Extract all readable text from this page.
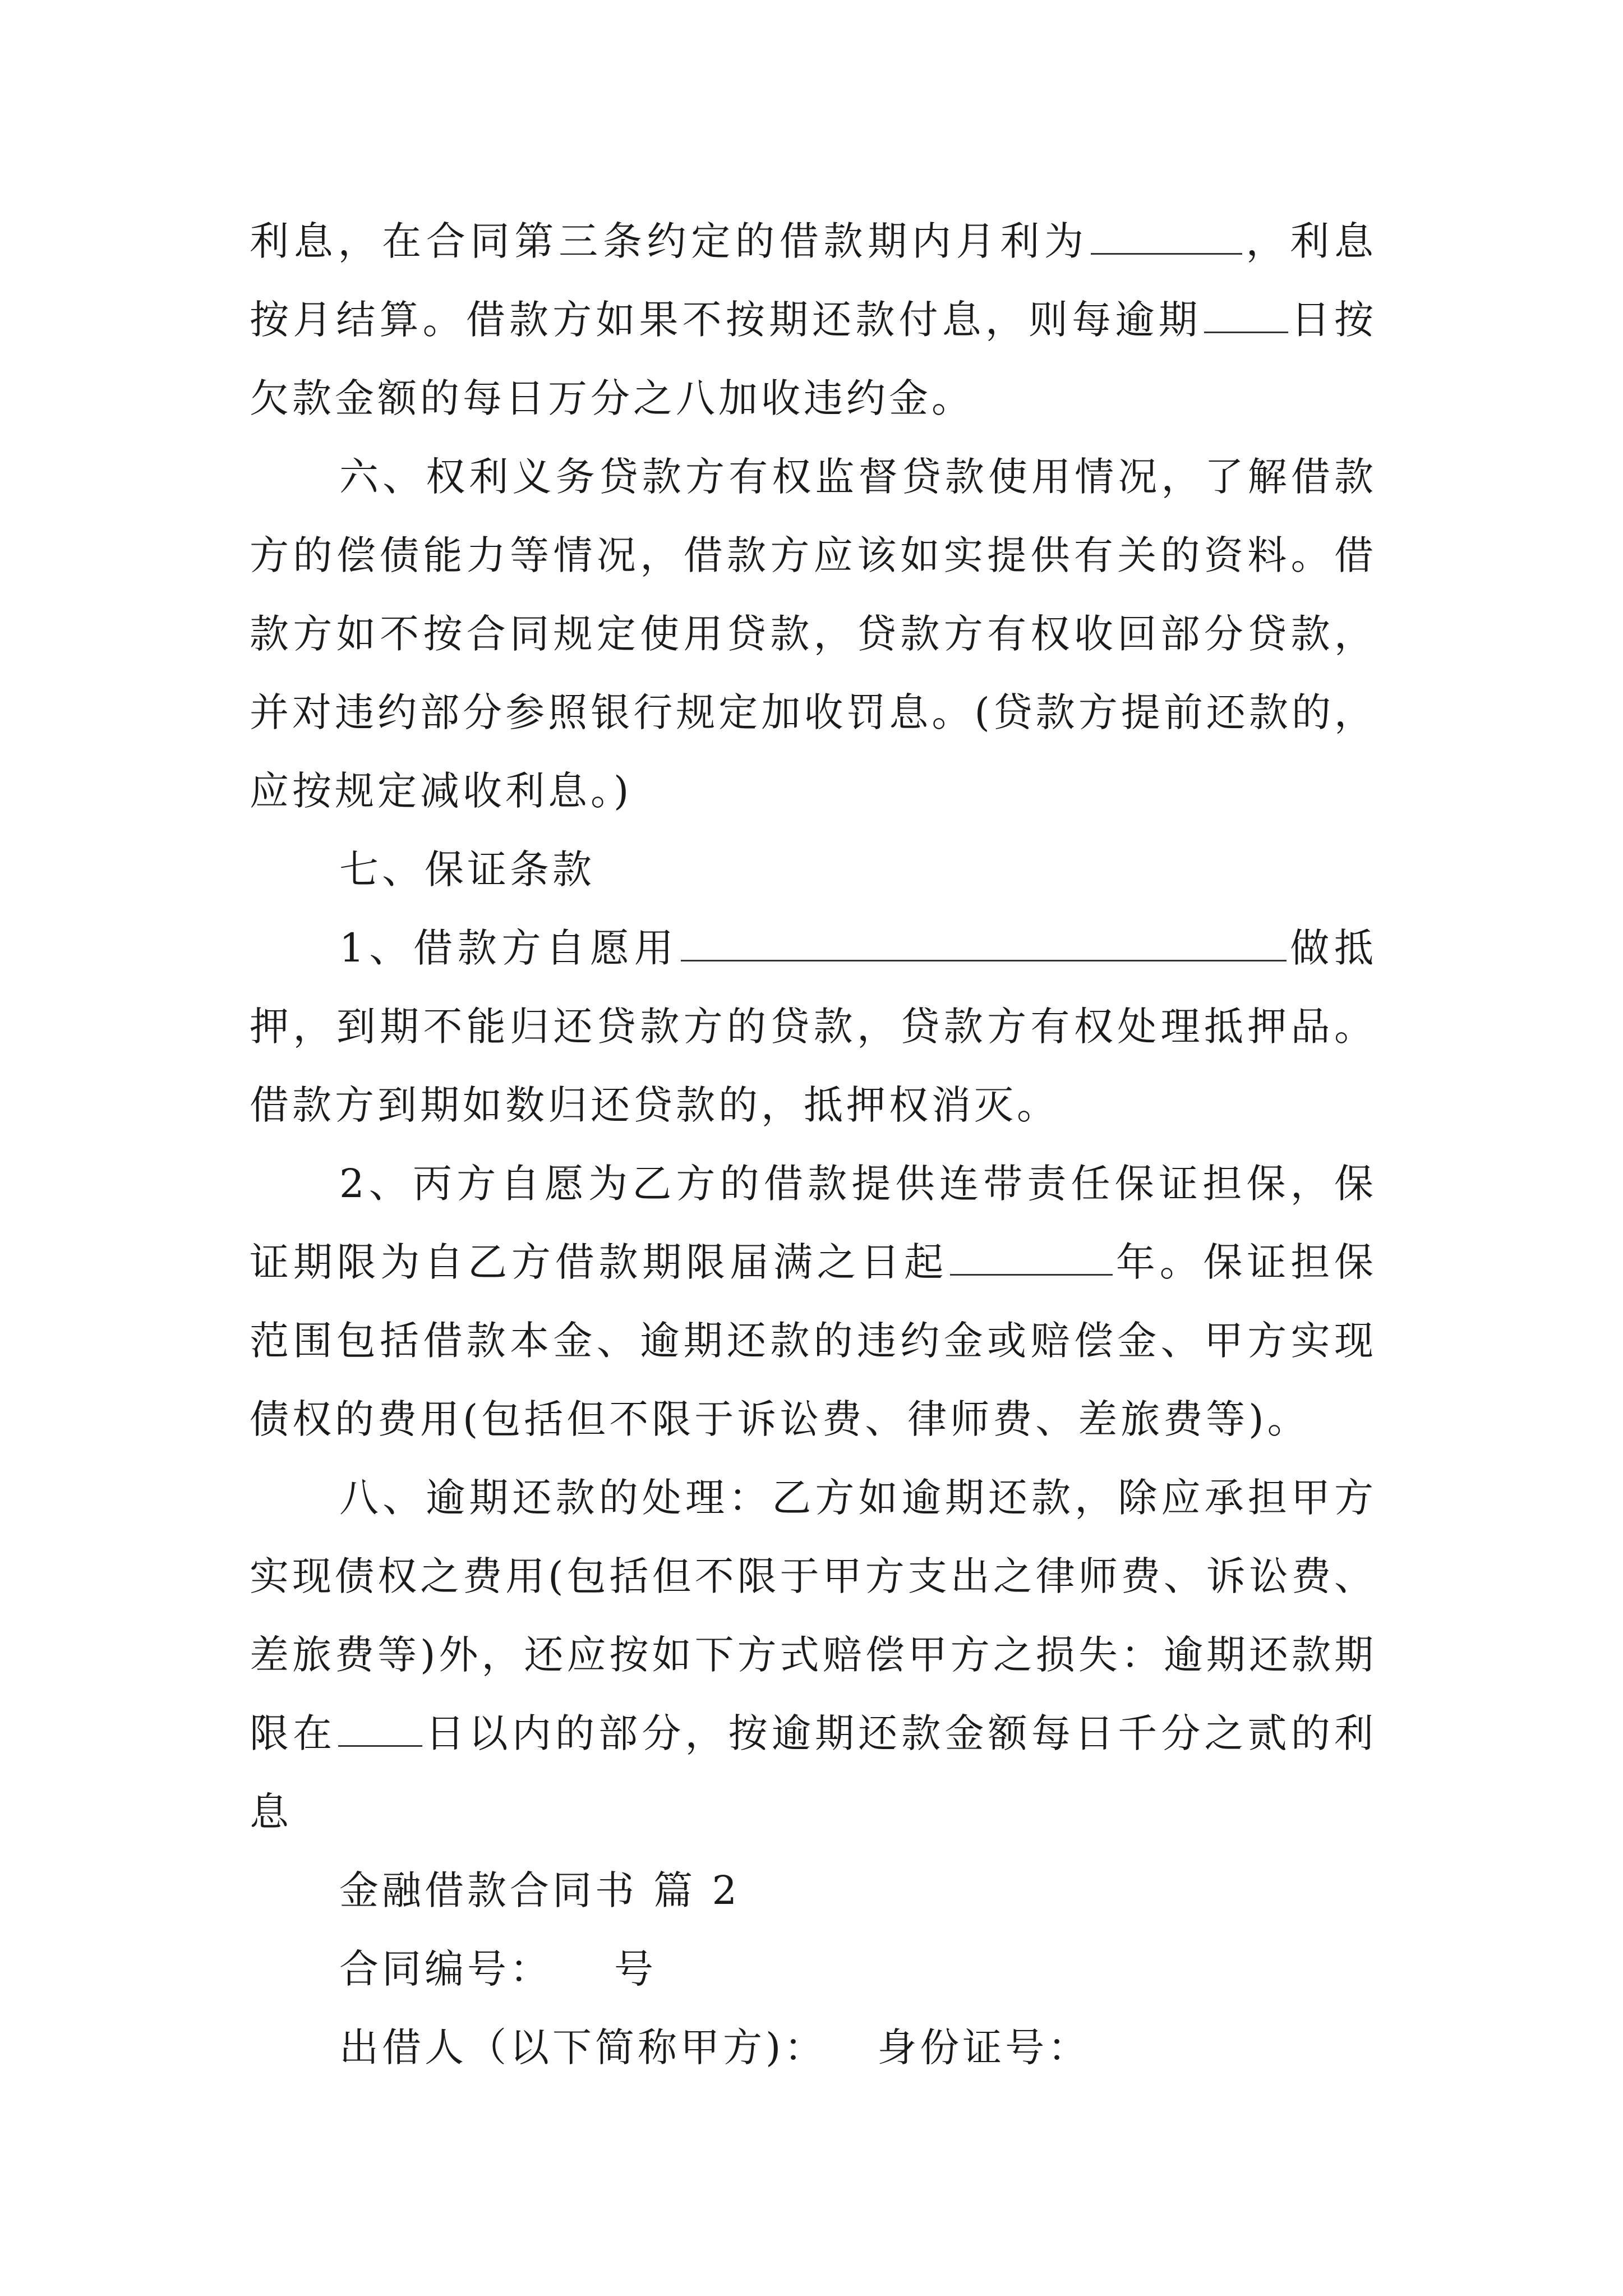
利息，在合同第三条约定的借款期内月利为	，利息按月结算。借款方如果不按期还款付息，则每逾期 日按欠款金额的每日万分之八加收违约金。

六、权利义务贷款方有权监督贷款使用情况，了解借款方的偿债能力等情况，借款方应该如实提供有关的资料。借款方如不按合同规定使用贷款，贷款方有权收回部分贷款，并对违约部分参照银行规定加收罚息。(贷款方提前还款的，应按规定减收利息。)

七、保证条款

1、借款方自愿用	做抵押，到期不能归还贷款方的贷款，贷款方有权处理抵押品。借款方到期如数归还贷款的，抵押权消灭。

2、丙方自愿为乙方的借款提供连带责任保证担保，保证期限为自乙方借款期限届满之日起	年。保证担保范围包括借款本金、逾期还款的违约金或赔偿金、甲方实现债权的费用(包括但不限于诉讼费、律师费、差旅费等)。

八、逾期还款的处理：乙方如逾期还款，除应承担甲方实现债权之费用(包括但不限于甲方支出之律师费、诉讼费、差旅费等)外，还应按如下方式赔偿甲方之损失：逾期还款期限在 日以内的部分，按逾期还款金额每日千分之贰的利息

金融借款合同书 篇 2

合同编号： 号

出借人（以下简称甲方)： 身份证号：
